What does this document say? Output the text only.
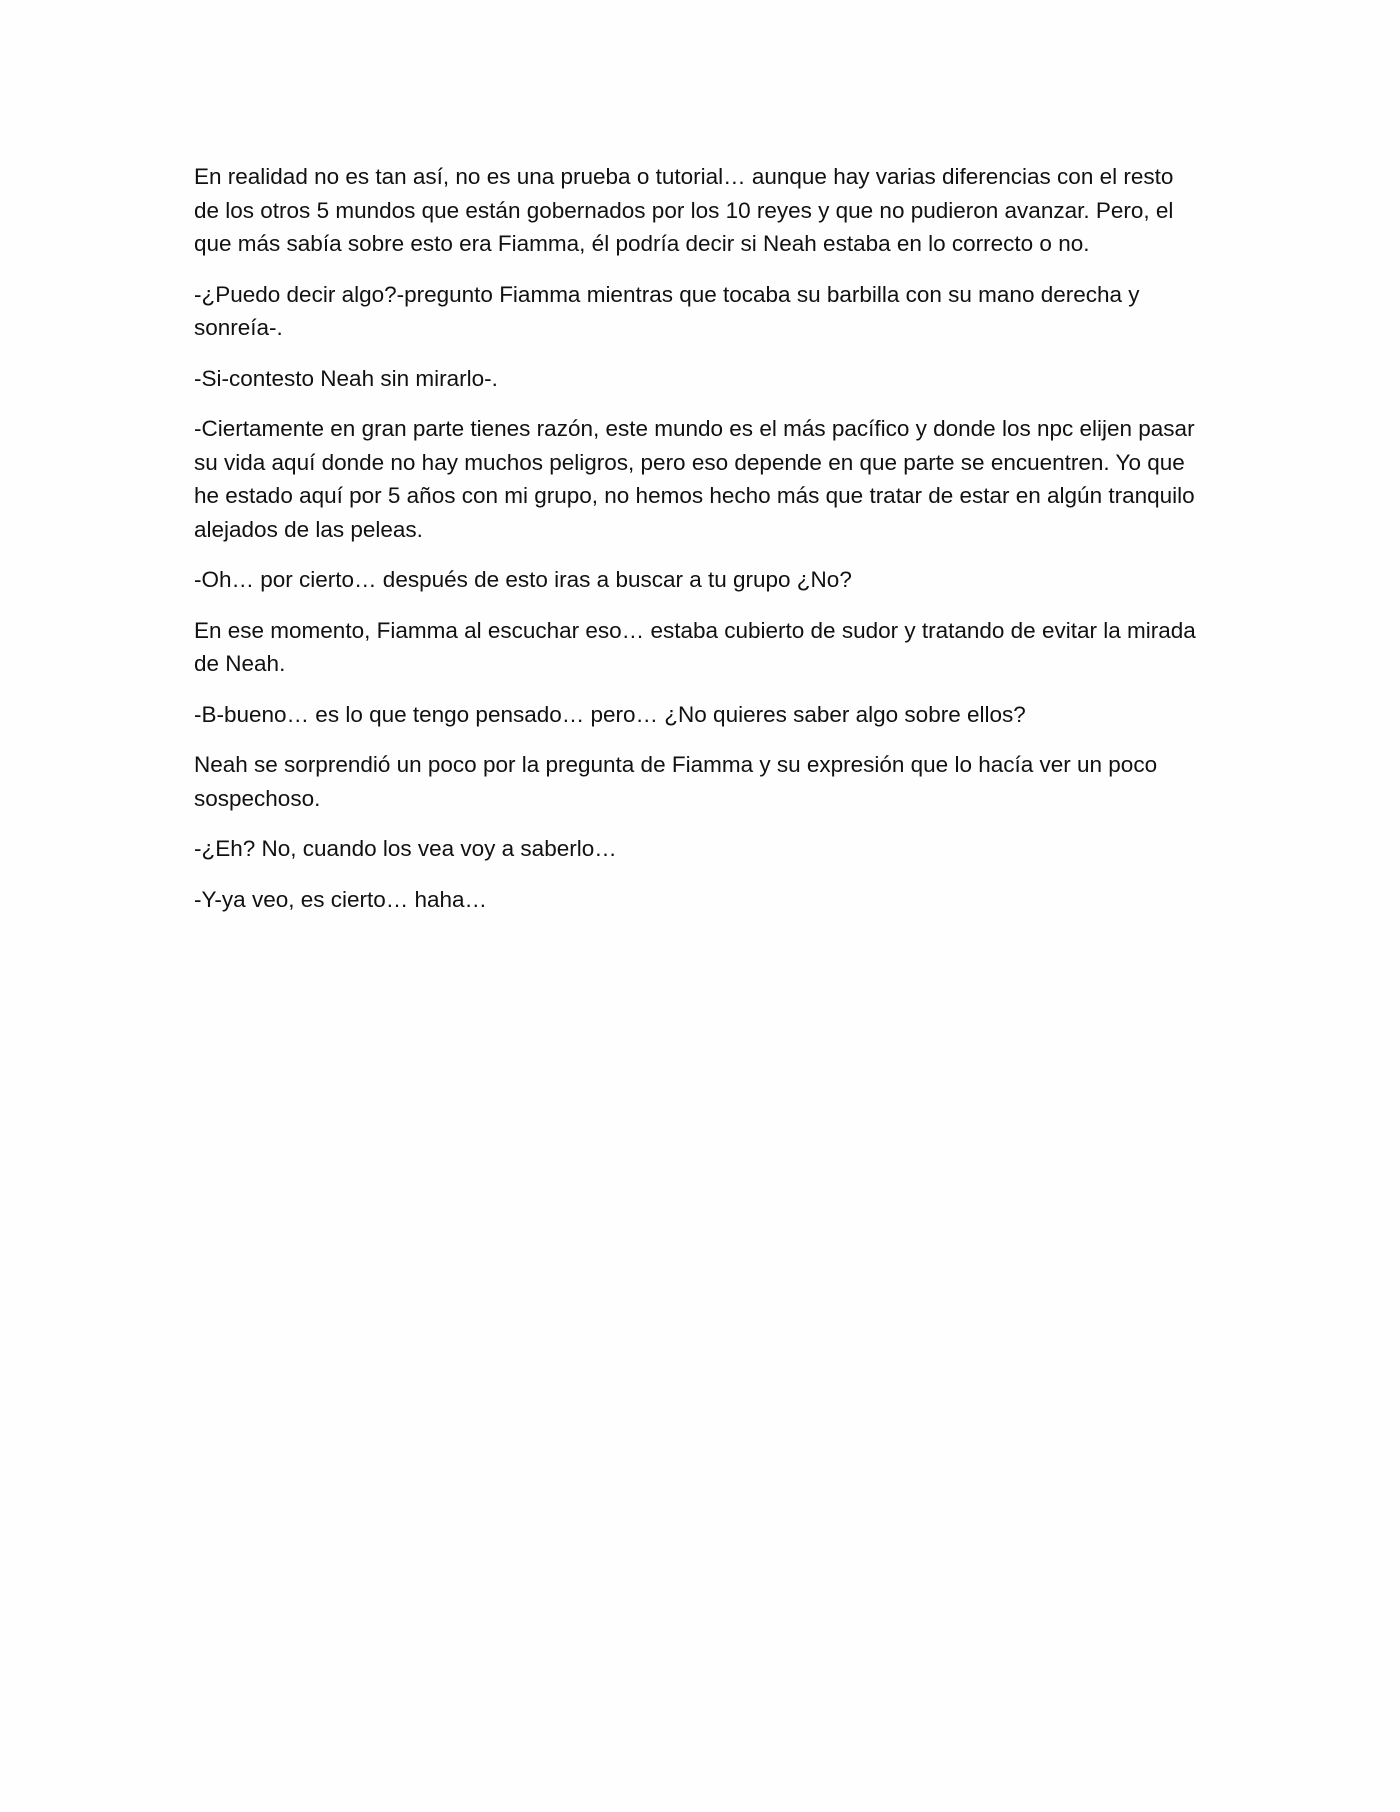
En realidad no es tan así, no es una prueba o tutorial… aunque hay varias diferencias con el resto de los otros 5 mundos que están gobernados por los 10 reyes y que no pudieron avanzar. Pero, el que más sabía sobre esto era Fiamma, él podría decir si Neah estaba en lo correcto o no.

-¿Puedo decir algo?-pregunto Fiamma mientras que tocaba su barbilla con su mano derecha y sonreía-.

-Si-contesto Neah sin mirarlo-.

-Ciertamente en gran parte tienes razón, este mundo es el más pacífico y donde los npc elijen pasar su vida aquí donde no hay muchos peligros, pero eso depende en que parte se encuentren. Yo que he estado aquí por 5 años con mi grupo, no hemos hecho más que tratar de estar en algún tranquilo alejados de las peleas.

-Oh… por cierto… después de esto iras a buscar a tu grupo ¿No?

En ese momento, Fiamma al escuchar eso… estaba cubierto de sudor y tratando de evitar la mirada de Neah.

-B-bueno… es lo que tengo pensado… pero… ¿No quieres saber algo sobre ellos?

Neah se sorprendió un poco por la pregunta de Fiamma y su expresión que lo hacía ver un poco sospechoso.

-¿Eh? No, cuando los vea voy a saberlo…

-Y-ya veo, es cierto… haha…
